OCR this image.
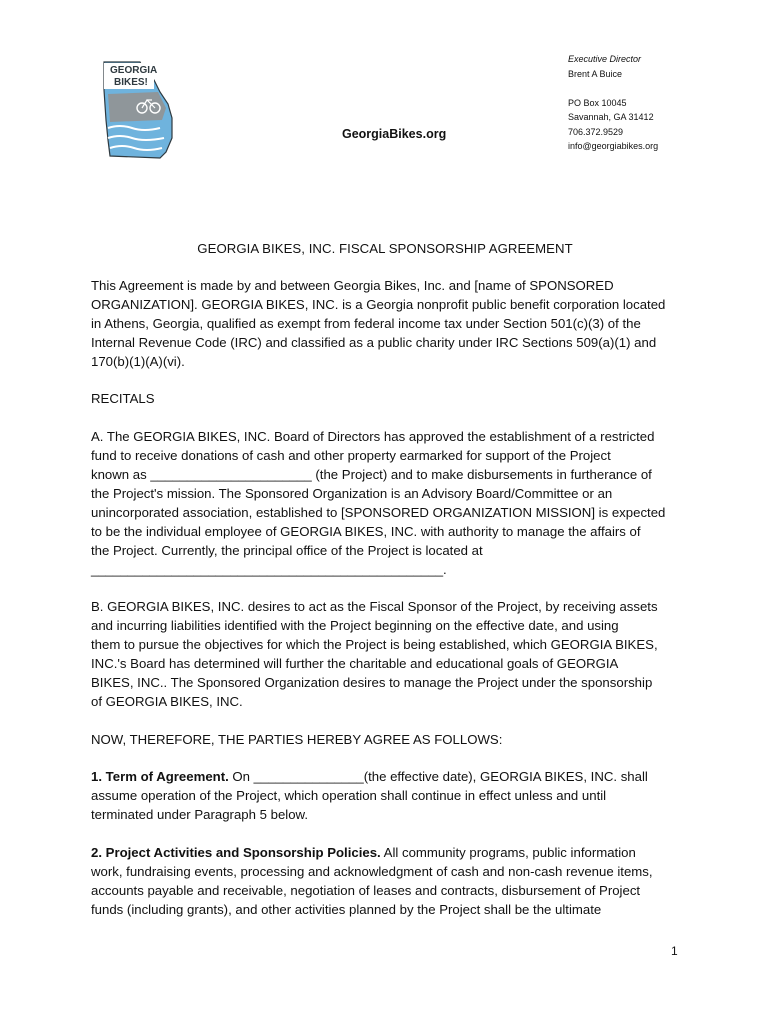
GEORGIA
BIKES!
GeorgiaBikes.org
Executive Director
Brent A Buice
PO Box 10045
Savannah, GA 31412
706.372.9529
info@georgiabikes.org
GEORGIA BIKES, INC. FISCAL SPONSORSHIP AGREEMENT

This Agreement is made by and between Georgia Bikes, Inc. and [name of SPONSORED
ORGANIZATION]. GEORGIA BIKES, INC. is a Georgia nonprofit public benefit corporation located
in Athens, Georgia, qualified as exempt from federal income tax under Section 501(c)(3) of the
Internal Revenue Code (IRC) and classified as a public charity under IRC Sections 509(a)(1) and
170(b)(1)(A)(vi).

RECITALS

A. The GEORGIA BIKES, INC. Board of Directors has approved the establishment of a restricted
fund to receive donations of cash and other property earmarked for support of the Project
known as ______________________ (the Project) and to make disbursements in furtherance of
the Project's mission. The Sponsored Organization is an Advisory Board/Committee or an
unincorporated association, established to [SPONSORED ORGANIZATION MISSION] is expected
to be the individual employee of GEORGIA BIKES, INC. with authority to manage the affairs of
the Project. Currently, the principal office of the Project is located at
________________________________________________.

B. GEORGIA BIKES, INC. desires to act as the Fiscal Sponsor of the Project, by receiving assets
and incurring liabilities identified with the Project beginning on the effective date, and using
them to pursue the objectives for which the Project is being established, which GEORGIA BIKES,
INC.'s Board has determined will further the charitable and educational goals of GEORGIA
BIKES, INC.. The Sponsored Organization desires to manage the Project under the sponsorship
of GEORGIA BIKES, INC.

NOW, THEREFORE, THE PARTIES HEREBY AGREE AS FOLLOWS:

1. Term of Agreement. On _______________(the effective date), GEORGIA BIKES, INC. shall
assume operation of the Project, which operation shall continue in effect unless and until
terminated under Paragraph 5 below.

2. Project Activities and Sponsorship Policies. All community programs, public information
work, fundraising events, processing and acknowledgment of cash and non-cash revenue items,
accounts payable and receivable, negotiation of leases and contracts, disbursement of Project
funds (including grants), and other activities planned by the Project shall be the ultimate

1
